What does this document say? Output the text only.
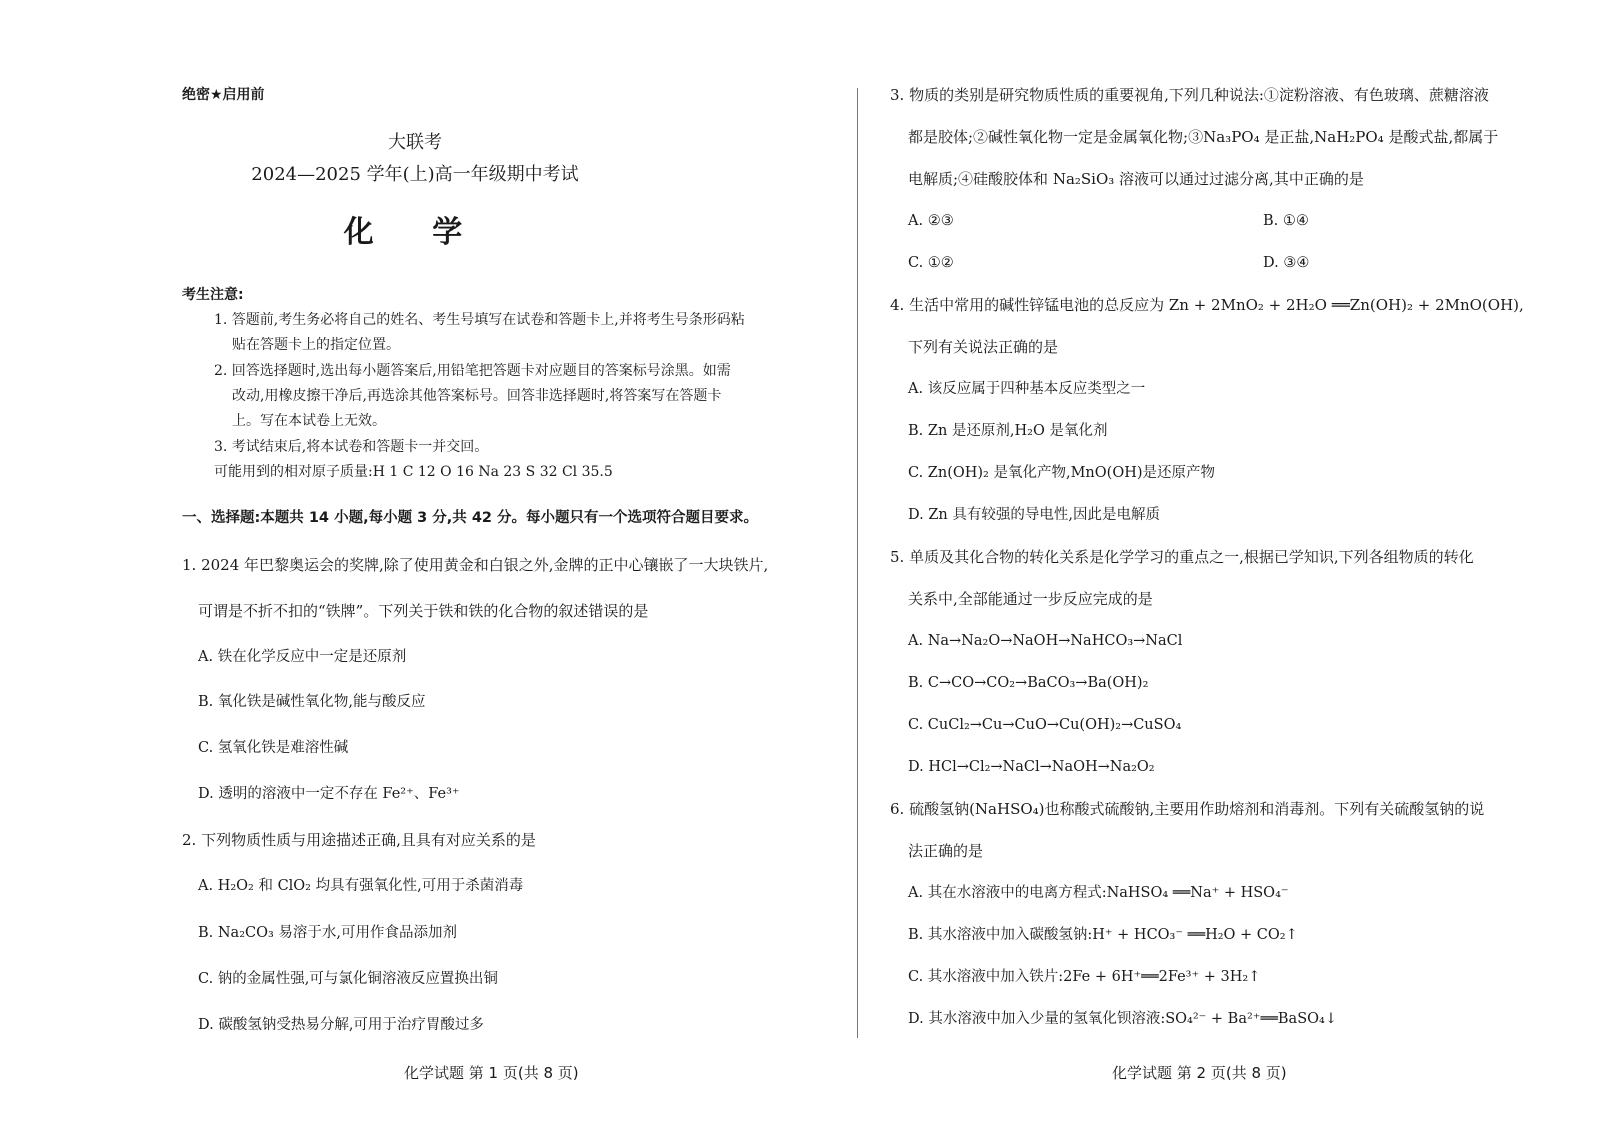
绝密★启用前
大联考
2024—2025 学年(上)高一年级期中考试
化 学
考生注意:
1. 答题前,考生务必将自己的姓名、考生号填写在试卷和答题卡上,并将考生号条形码粘
贴在答题卡上的指定位置。
2. 回答选择题时,选出每小题答案后,用铅笔把答题卡对应题目的答案标号涂黑。如需
改动,用橡皮擦干净后,再选涂其他答案标号。回答非选择题时,将答案写在答题卡
上。写在本试卷上无效。
3. 考试结束后,将本试卷和答题卡一并交回。
可能用到的相对原子质量:H 1 C 12 O 16 Na 23 S 32 Cl 35.5
一、选择题:本题共 14 小题,每小题 3 分,共 42 分。每小题只有一个选项符合题目要求。
1. 2024 年巴黎奥运会的奖牌,除了使用黄金和白银之外,金牌的正中心镶嵌了一大块铁片,
可谓是不折不扣的“铁牌”。下列关于铁和铁的化合物的叙述错误的是
A. 铁在化学反应中一定是还原剂
B. 氧化铁是碱性氧化物,能与酸反应
C. 氢氧化铁是难溶性碱
D. 透明的溶液中一定不存在 Fe²⁺、Fe³⁺
2. 下列物质性质与用途描述正确,且具有对应关系的是
A. H₂O₂ 和 ClO₂ 均具有强氧化性,可用于杀菌消毒
B. Na₂CO₃ 易溶于水,可用作食品添加剂
C. 钠的金属性强,可与氯化铜溶液反应置换出铜
D. 碳酸氢钠受热易分解,可用于治疗胃酸过多
化学试题 第 1 页(共 8 页)
3. 物质的类别是研究物质性质的重要视角,下列几种说法:①淀粉溶液、有色玻璃、蔗糖溶液
都是胶体;②碱性氧化物一定是金属氧化物;③Na₃PO₄ 是正盐,NaH₂PO₄ 是酸式盐,都属于
电解质;④硅酸胶体和 Na₂SiO₃ 溶液可以通过过滤分离,其中正确的是
A. ②③	B. ①④
C. ①②	D. ③④
4. 生活中常用的碱性锌锰电池的总反应为 Zn + 2MnO₂ + 2H₂O ══Zn(OH)₂ + 2MnO(OH),
下列有关说法正确的是
A. 该反应属于四种基本反应类型之一
B. Zn 是还原剂,H₂O 是氧化剂
C. Zn(OH)₂ 是氧化产物,MnO(OH)是还原产物
D. Zn 具有较强的导电性,因此是电解质
5. 单质及其化合物的转化关系是化学学习的重点之一,根据已学知识,下列各组物质的转化
关系中,全部能通过一步反应完成的是
A. Na→Na₂O→NaOH→NaHCO₃→NaCl
B. C→CO→CO₂→BaCO₃→Ba(OH)₂
C. CuCl₂→Cu→CuO→Cu(OH)₂→CuSO₄
D. HCl→Cl₂→NaCl→NaOH→Na₂O₂
6. 硫酸氢钠(NaHSO₄)也称酸式硫酸钠,主要用作助熔剂和消毒剂。下列有关硫酸氢钠的说
法正确的是
A. 其在水溶液中的电离方程式:NaHSO₄ ══Na⁺ + HSO₄⁻
B. 其水溶液中加入碳酸氢钠:H⁺ + HCO₃⁻ ══H₂O + CO₂↑
C. 其水溶液中加入铁片:2Fe + 6H⁺══2Fe³⁺ + 3H₂↑
D. 其水溶液中加入少量的氢氧化钡溶液:SO₄²⁻ + Ba²⁺══BaSO₄↓
化学试题 第 2 页(共 8 页)
